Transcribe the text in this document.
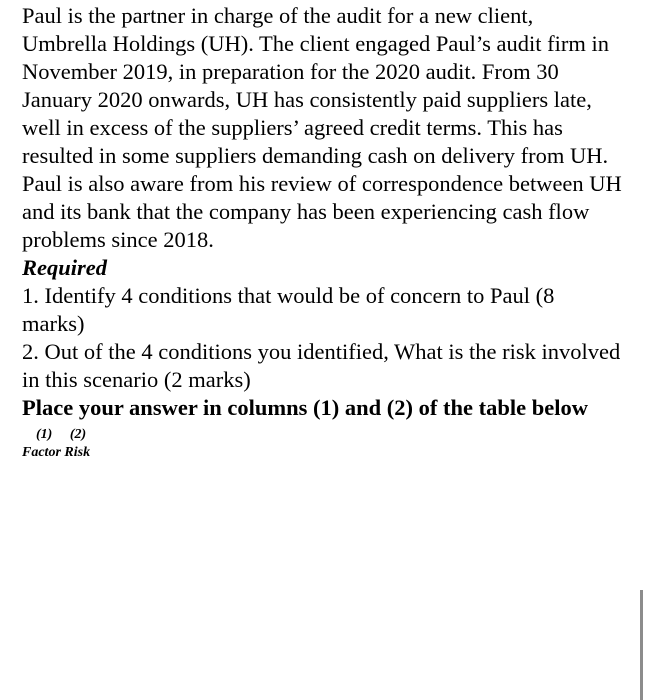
Paul is the partner in charge of the audit for a new client, Umbrella Holdings (UH). The client engaged Paul’s audit firm in November 2019, in preparation for the 2020 audit. From 30 January 2020 onwards, UH has consistently paid suppliers late, well in excess of the suppliers’ agreed credit terms. This has resulted in some suppliers demanding cash on delivery from UH. Paul is also aware from his review of correspondence between UH and its bank that the company has been experiencing cash flow problems since 2018.

Required

1. Identify 4 conditions that would be of concern to Paul (8 marks)

2. Out of the 4 conditions you identified, What is the risk involved in this scenario (2 marks)

Place your answer in columns (1) and (2) of the table below

(1) (2)
Factor Risk
